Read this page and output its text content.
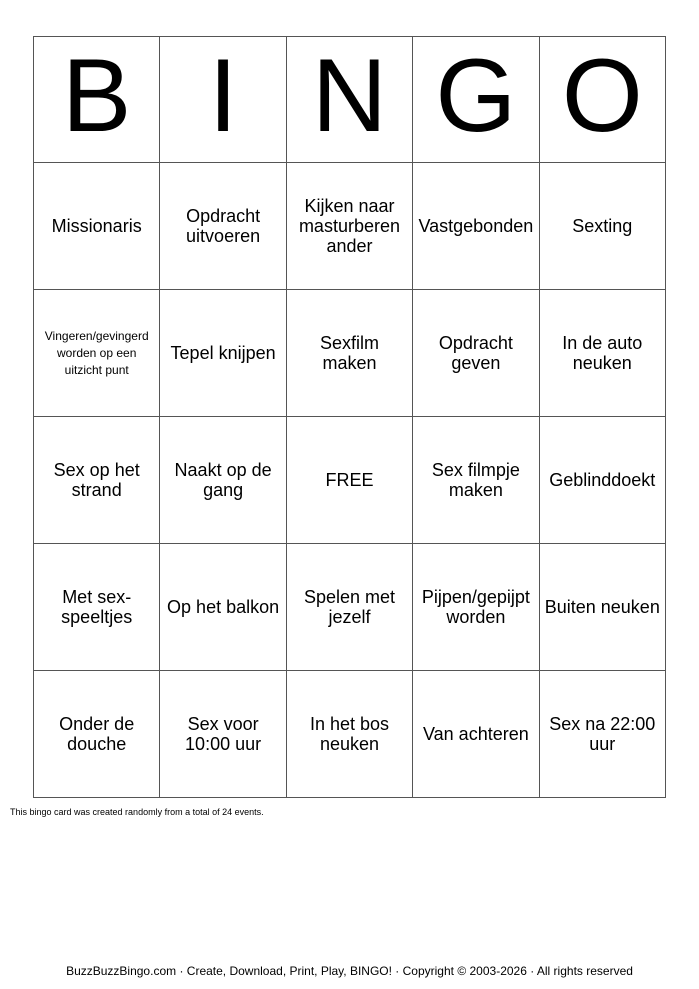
B	I	N	G	O
Missionaris	Opdracht uitvoeren	Kijken naar masturberen ander	Vastgebonden	Sexting
Vingeren/gevingerd worden op een uitzicht punt	Tepel knijpen	Sexfilm maken	Opdracht geven	In de auto neuken
Sex op het strand	Naakt op de gang	FREE	Sex filmpje maken	Geblinddoekt
Met sex-speeltjes	Op het balkon	Spelen met jezelf	Pijpen/gepijpt worden	Buiten neuken
Onder de douche	Sex voor 10:00 uur	In het bos neuken	Van achteren	Sex na 22:00 uur
This bingo card was created randomly from a total of 24 events.
BuzzBuzzBingo.com · Create, Download, Print, Play, BINGO! · Copyright © 2003-2026 · All rights reserved
